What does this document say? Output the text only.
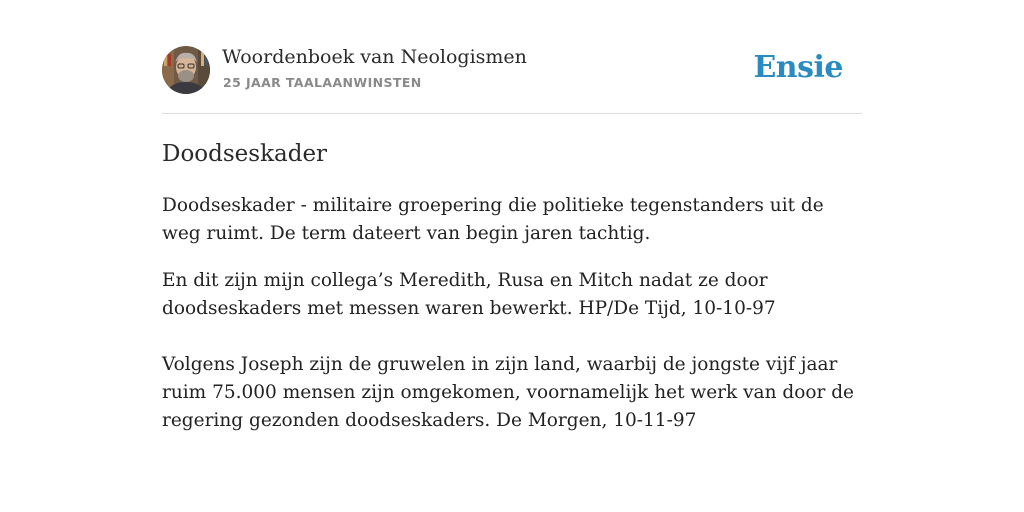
Woordenboek van Neologismen
25 JAAR TAALAANWINSTEN	Ensie
Doodseskader

Doodseskader - militaire groepering die politieke tegenstanders uit de weg ruimt. De term dateert van begin jaren tachtig.

En dit zijn mijn collega’s Meredith, Rusa en Mitch nadat ze door doodseskaders met messen waren bewerkt. HP/De Tijd, 10-10-97

Volgens Joseph zijn de gruwelen in zijn land, waarbij de jongste vijf jaar ruim 75.000 mensen zijn omgekomen, voornamelijk het werk van door de regering gezonden doodseskaders. De Morgen, 10-11-97
